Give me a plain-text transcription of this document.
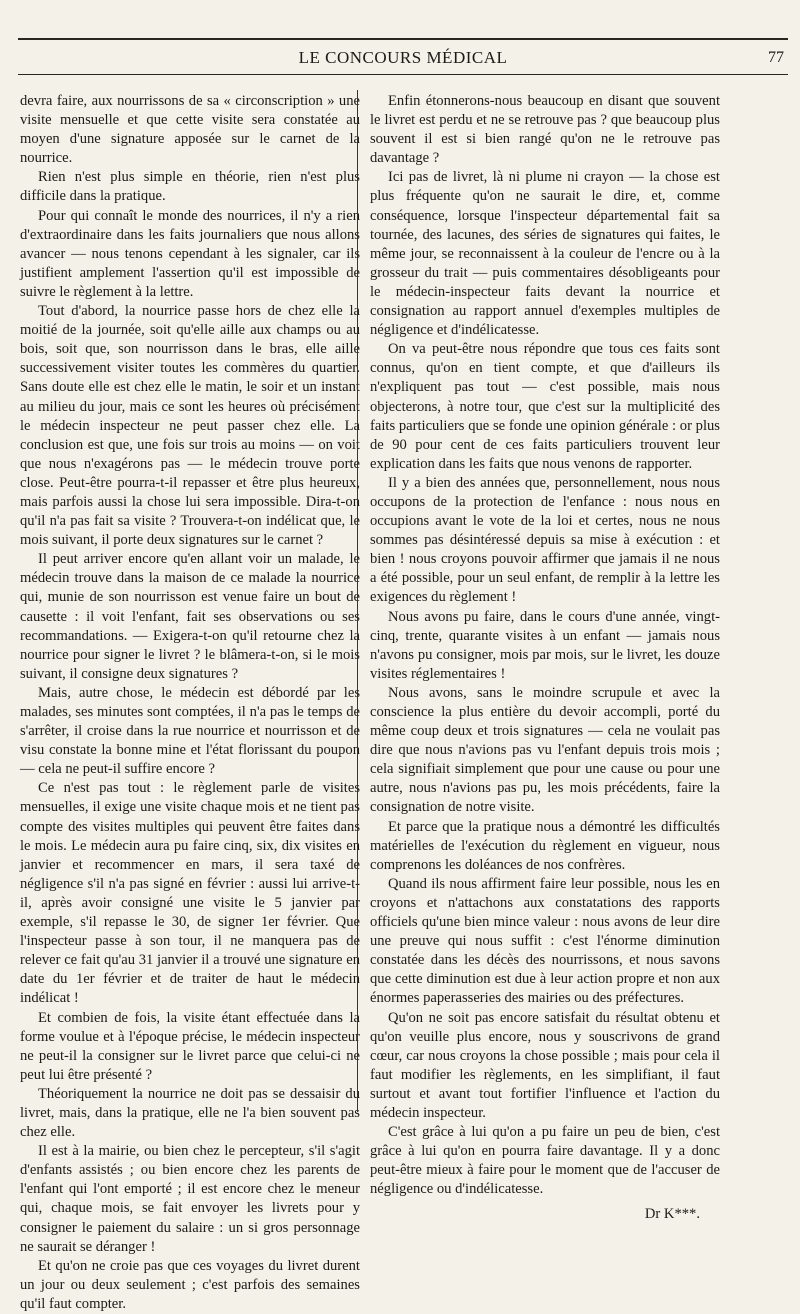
LE CONCOURS MÉDICAL	77

devra faire, aux nourrissons de sa « circonscription » une visite mensuelle et que cette visite sera constatée au moyen d'une signature apposée sur le carnet de la nourrice.

Rien n'est plus simple en théorie, rien n'est plus difficile dans la pratique.

Pour qui connaît le monde des nourrices, il n'y a rien d'extraordinaire dans les faits journaliers que nous allons avancer — nous tenons cependant à les signaler, car ils justifient amplement l'assertion qu'il est impossible de suivre le règlement à la lettre.

Tout d'abord, la nourrice passe hors de chez elle la moitié de la journée, soit qu'elle aille aux champs ou au bois, soit que, son nourrisson dans le bras, elle aille successivement visiter toutes les commères du quartier. Sans doute elle est chez elle le matin, le soir et un instant au milieu du jour, mais ce sont les heures où précisément le médecin inspecteur ne peut passer chez elle. La conclusion est que, une fois sur trois au moins — on voit que nous n'exagérons pas — le médecin trouve porte close. Peut-être pourra-t-il repasser et être plus heureux, mais parfois aussi la chose lui sera impossible. Dira-t-on qu'il n'a pas fait sa visite ? Trouvera-t-on indélicat que, le mois suivant, il porte deux signatures sur le carnet ?

Il peut arriver encore qu'en allant voir un malade, le médecin trouve dans la maison de ce malade la nourrice qui, munie de son nourrisson est venue faire un bout de causette : il voit l'enfant, fait ses observations ou ses recommandations. — Exigera-t-on qu'il retourne chez la nourrice pour signer le livret ? le blâmera-t-on, si le mois suivant, il consigne deux signatures ?

Mais, autre chose, le médecin est débordé par les malades, ses minutes sont comptées, il n'a pas le temps de s'arrêter, il croise dans la rue nourrice et nourrisson et de visu constate la bonne mine et l'état florissant du poupon — cela ne peut-il suffire encore ?

Ce n'est pas tout : le règlement parle de visites mensuelles, il exige une visite chaque mois et ne tient pas compte des visites multiples qui peuvent être faites dans le mois. Le médecin aura pu faire cinq, six, dix visites en janvier et recommencer en mars, il sera taxé de négligence s'il n'a pas signé en février : aussi lui arrive-t-il, après avoir consigné une visite le 5 janvier par exemple, s'il repasse le 30, de signer 1er février. Que l'inspecteur passe à son tour, il ne manquera pas de relever ce fait qu'au 31 janvier il a trouvé une signature en date du 1er février et de traiter de haut le médecin indélicat !

Et combien de fois, la visite étant effectuée dans la forme voulue et à l'époque précise, le médecin inspecteur ne peut-il la consigner sur le livret parce que celui-ci ne peut lui être présenté ?

Théoriquement la nourrice ne doit pas se dessaisir du livret, mais, dans la pratique, elle ne l'a bien souvent pas chez elle.

Il est à la mairie, ou bien chez le percepteur, s'il s'agit d'enfants assistés ; ou bien encore chez les parents de l'enfant qui l'ont emporté ; il est encore chez le meneur qui, chaque mois, se fait envoyer les livrets pour y consigner le paiement du salaire : un si gros personnage ne saurait se déranger !

Et qu'on ne croie pas que ces voyages du livret durent un jour ou deux seulement ; c'est parfois des semaines qu'il faut compter.

Enfin étonnerons-nous beaucoup en disant que souvent le livret est perdu et ne se retrouve pas ? que beaucoup plus souvent il est si bien rangé qu'on ne le retrouve pas davantage ?

Ici pas de livret, là ni plume ni crayon — la chose est plus fréquente qu'on ne saurait le dire, et, comme conséquence, lorsque l'inspecteur départemental fait sa tournée, des lacunes, des séries de signatures qui faites, le même jour, se reconnaissent à la couleur de l'encre ou à la grosseur du trait — puis commentaires désobligeants pour le médecin-inspecteur faits devant la nourrice et consignation au rapport annuel d'exemples multiples de négligence et d'indélicatesse.

On va peut-être nous répondre que tous ces faits sont connus, qu'on en tient compte, et que d'ailleurs ils n'expliquent pas tout — c'est possible, mais nous objecterons, à notre tour, que c'est sur la multiplicité des faits particuliers que se fonde une opinion générale : or plus de 90 pour cent de ces faits particuliers trouvent leur explication dans les faits que nous venons de rapporter.

Il y a bien des années que, personnellement, nous nous occupons de la protection de l'enfance : nous nous en occupions avant le vote de la loi et certes, nous ne nous sommes pas désintéressé depuis sa mise à exécution : et bien ! nous croyons pouvoir affirmer que jamais il ne nous a été possible, pour un seul enfant, de remplir à la lettre les exigences du règlement !

Nous avons pu faire, dans le cours d'une année, vingt-cinq, trente, quarante visites à un enfant — jamais nous n'avons pu consigner, mois par mois, sur le livret, les douze visites réglementaires !

Nous avons, sans le moindre scrupule et avec la conscience la plus entière du devoir accompli, porté du même coup deux et trois signatures — cela ne voulait pas dire que nous n'avions pas vu l'enfant depuis trois mois ; cela signifiait simplement que pour une cause ou pour une autre, nous n'avions pas pu, les mois précédents, faire la consignation de notre visite.

Et parce que la pratique nous a démontré les difficultés matérielles de l'exécution du règlement en vigueur, nous comprenons les doléances de nos confrères.

Quand ils nous affirment faire leur possible, nous les en croyons et n'attachons aux constatations des rapports officiels qu'une bien mince valeur : nous avons de leur dire une preuve qui nous suffit : c'est l'énorme diminution constatée dans les décès des nourrissons, et nous savons que cette diminution est due à leur action propre et non aux énormes paperasseries des mairies ou des préfectures.

Qu'on ne soit pas encore satisfait du résultat obtenu et qu'on veuille plus encore, nous y souscrivons de grand cœur, car nous croyons la chose possible ; mais pour cela il faut modifier les règlements, en les simplifiant, il faut surtout et avant tout fortifier l'influence et l'action du médecin inspecteur.

C'est grâce à lui qu'on a pu faire un peu de bien, c'est grâce à lui qu'on en pourra faire davantage. Il y a donc peut-être mieux à faire pour le moment que de l'accuser de négligence ou d'indélicatesse.

Dr K***.
